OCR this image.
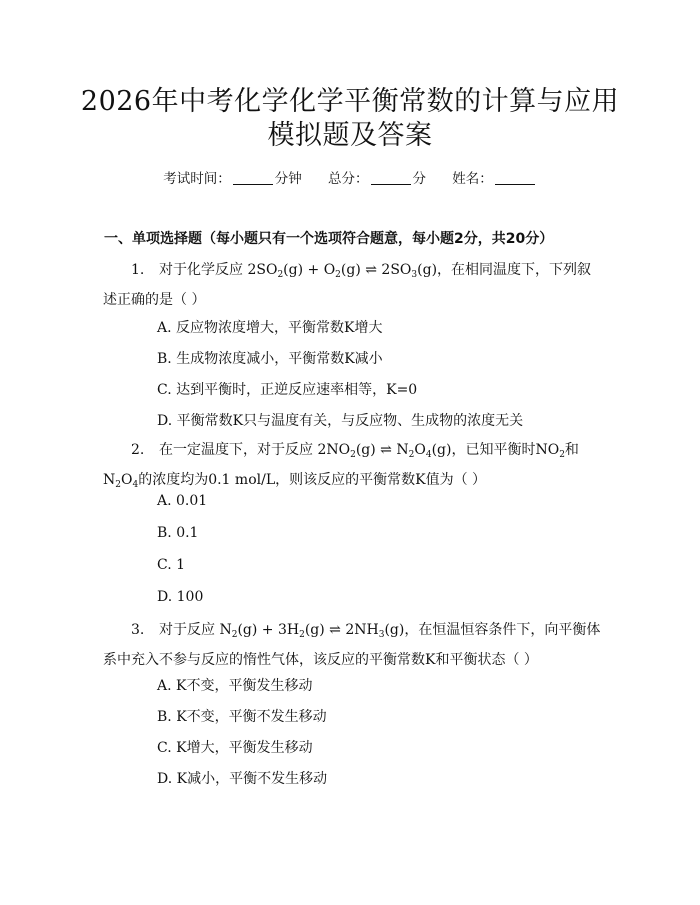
2026年中考化学化学平衡常数的计算与应用
模拟题及答案
考试时间：	分钟 总分：	分 姓名：
一、单项选择题（每小题只有一个选项符合题意，每小题2分，共20分）
1. 对于化学反应 $2SO_2(g) + O_2(g)$ ⇌ $2SO_3(g)$，在相同温度下，下列叙述正确的是（ ）
A. 反应物浓度增大，平衡常数K增大
B. 生成物浓度减小，平衡常数K减小
C. 达到平衡时，正逆反应速率相等，K=0
D. 平衡常数K只与温度有关，与反应物、生成物的浓度无关
2. 在一定温度下，对于反应 $2NO_2(g)$ ⇌ $N_2O_4(g)$，已知平衡时$NO_2$和$N_2O_4$的浓度均为0.1 mol/L，则该反应的平衡常数K值为（ ）
A. 0.01
B. 0.1
C. 1
D. 100
3. 对于反应 $N_2(g) + 3H_2(g)$ ⇌ $2NH_3(g)$，在恒温恒容条件下，向平衡体系中充入不参与反应的惰性气体，该反应的平衡常数K和平衡状态（ ）
A. K不变，平衡发生移动
B. K不变，平衡不发生移动
C. K增大，平衡发生移动
D. K减小，平衡不发生移动
